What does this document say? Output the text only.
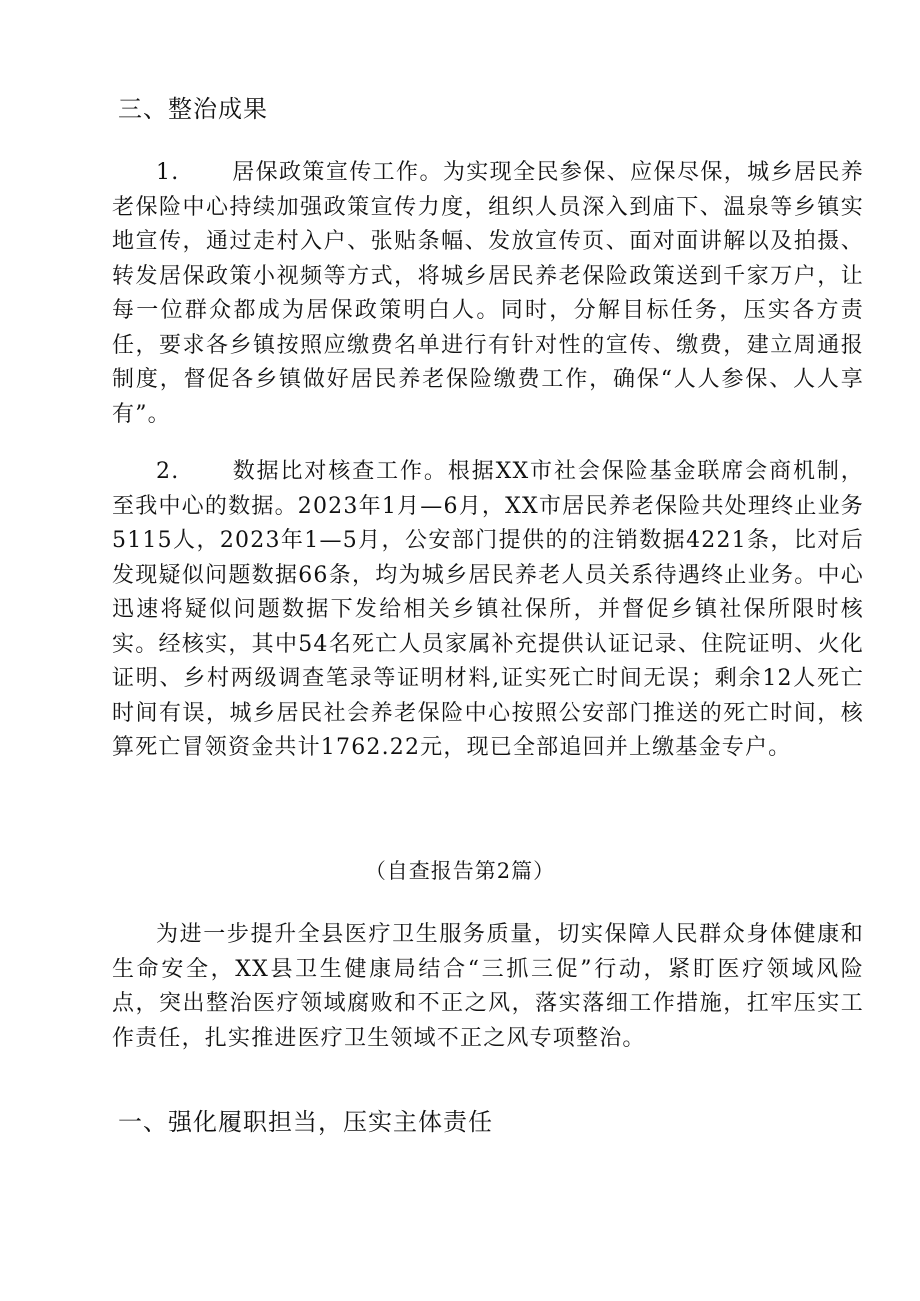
三、整治成果
1. 居保政策宣传工作。为实现全民参保、应保尽保，城乡居民养老保险中心持续加强政策宣传力度，组织人员深入到庙下、温泉等乡镇实地宣传，通过走村入户、张贴条幅、发放宣传页、面对面讲解以及拍摄、转发居保政策小视频等方式，将城乡居民养老保险政策送到千家万户，让每一位群众都成为居保政策明白人。同时，分解目标任务，压实各方责任，要求各乡镇按照应缴费名单进行有针对性的宣传、缴费，建立周通报制度，督促各乡镇做好居民养老保险缴费工作，确保“人人参保、人人享有”。
2. 数据比对核查工作。根据XX市社会保险基金联席会商机制，至我中心的数据。2023年1月—6月，XX市居民养老保险共处理终止业务5115人，2023年1—5月，公安部门提供的的注销数据4221条，比对后发现疑似问题数据66条，均为城乡居民养老人员关系待遇终止业务。中心迅速将疑似问题数据下发给相关乡镇社保所，并督促乡镇社保所限时核实。经核实，其中54名死亡人员家属补充提供认证记录、住院证明、火化证明、乡村两级调查笔录等证明材料,证实死亡时间无误；剩余12人死亡时间有误，城乡居民社会养老保险中心按照公安部门推送的死亡时间，核算死亡冒领资金共计1762.22元，现已全部追回并上缴基金专户。
（自查报告第2篇）
为进一步提升全县医疗卫生服务质量，切实保障人民群众身体健康和生命安全，XX县卫生健康局结合“三抓三促”行动，紧盯医疗领域风险点，突出整治医疗领域腐败和不正之风，落实落细工作措施，扛牢压实工作责任，扎实推进医疗卫生领域不正之风专项整治。
一、强化履职担当，压实主体责任
